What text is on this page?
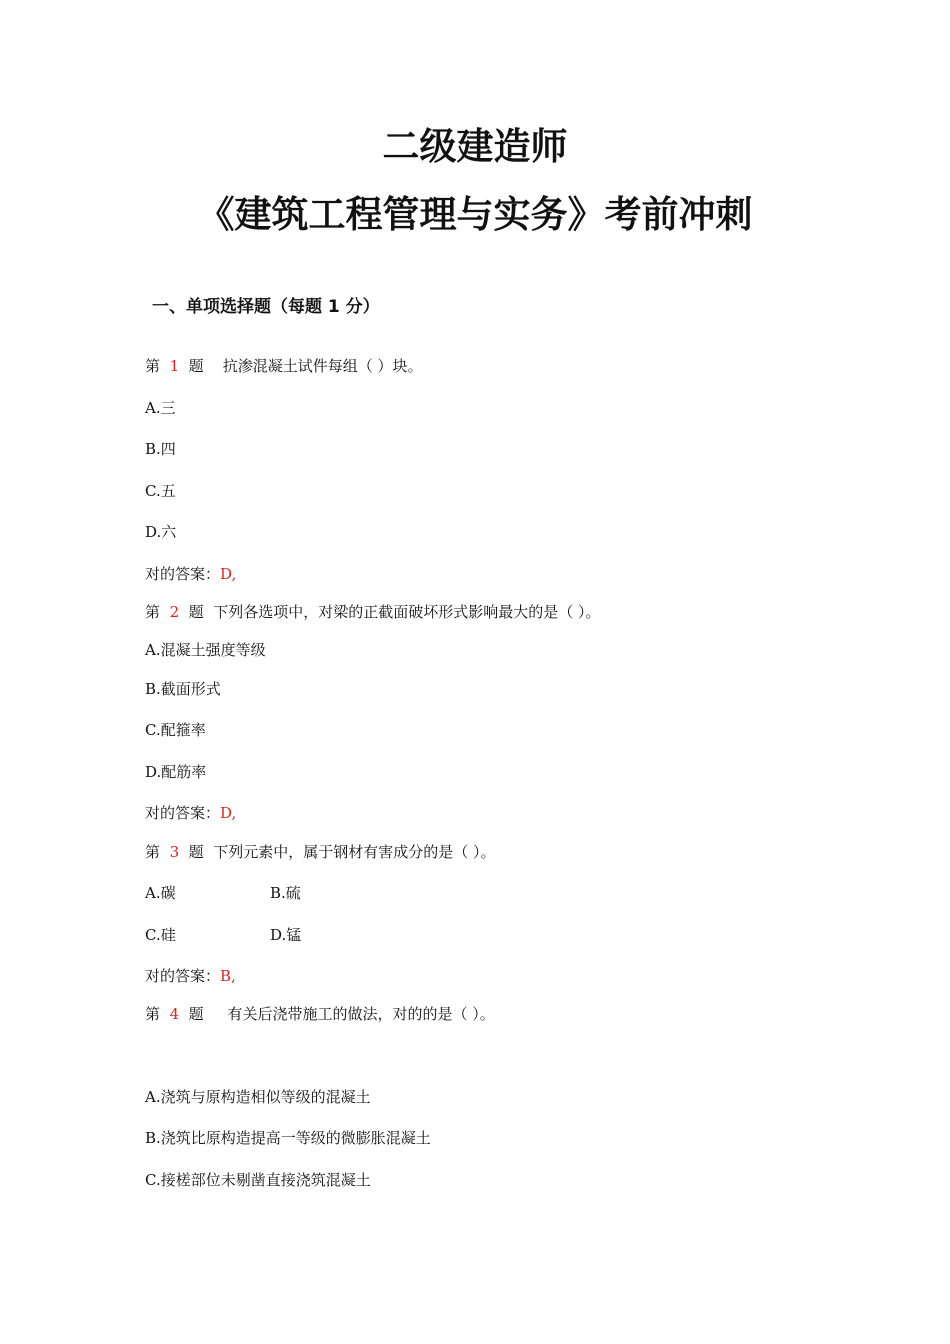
二级建造师
《建筑工程管理与实务》考前冲刺
一、单项选择题（每题 1 分）
第 1 题 抗渗混凝土试件每组（ ）块。
A.三
B.四
C.五
D.六
对的答案：D,
第 2 题 下列各选项中，对梁的正截面破坏形式影响最大的是（ ）。
A.混凝土强度等级
B.截面形式
C.配箍率
D.配筋率
对的答案：D,
第 3 题 下列元素中，属于钢材有害成分的是（ ）。
A.碳	B.硫
C.硅	D.锰
对的答案：B,
第 4 题 有关后浇带施工的做法，对的的是（ ）。
A.浇筑与原构造相似等级的混凝土
B.浇筑比原构造提高一等级的微膨胀混凝土
C.接槎部位未剔凿直接浇筑混凝土
